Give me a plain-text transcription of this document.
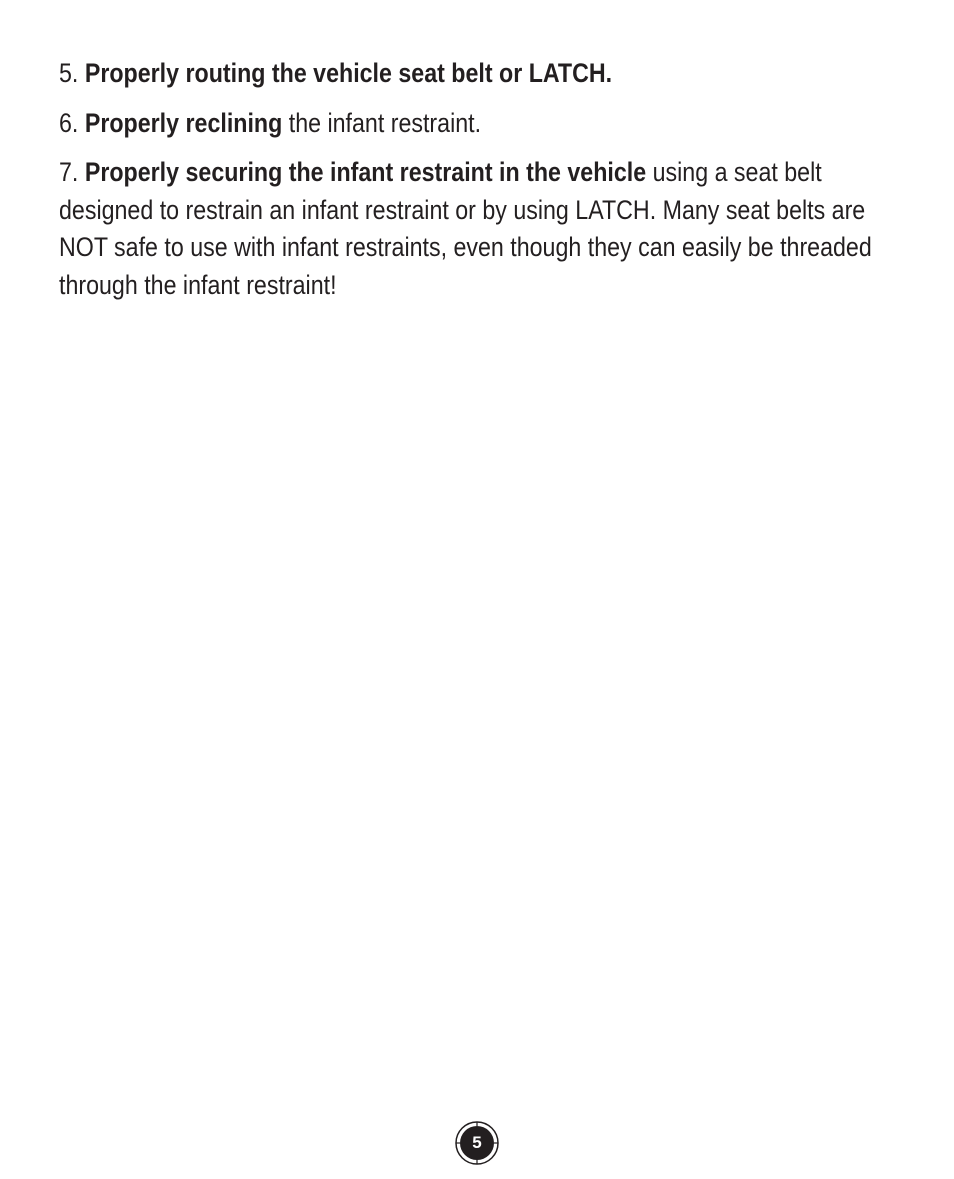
5. Properly routing the vehicle seat belt or LATCH.

6. Properly reclining the infant restraint.

7. Properly securing the infant restraint in the vehicle using a seat belt designed to restrain an infant restraint or by using LATCH. Many seat belts are NOT safe to use with infant restraints, even though they can easily be threaded through the infant restraint!

5
